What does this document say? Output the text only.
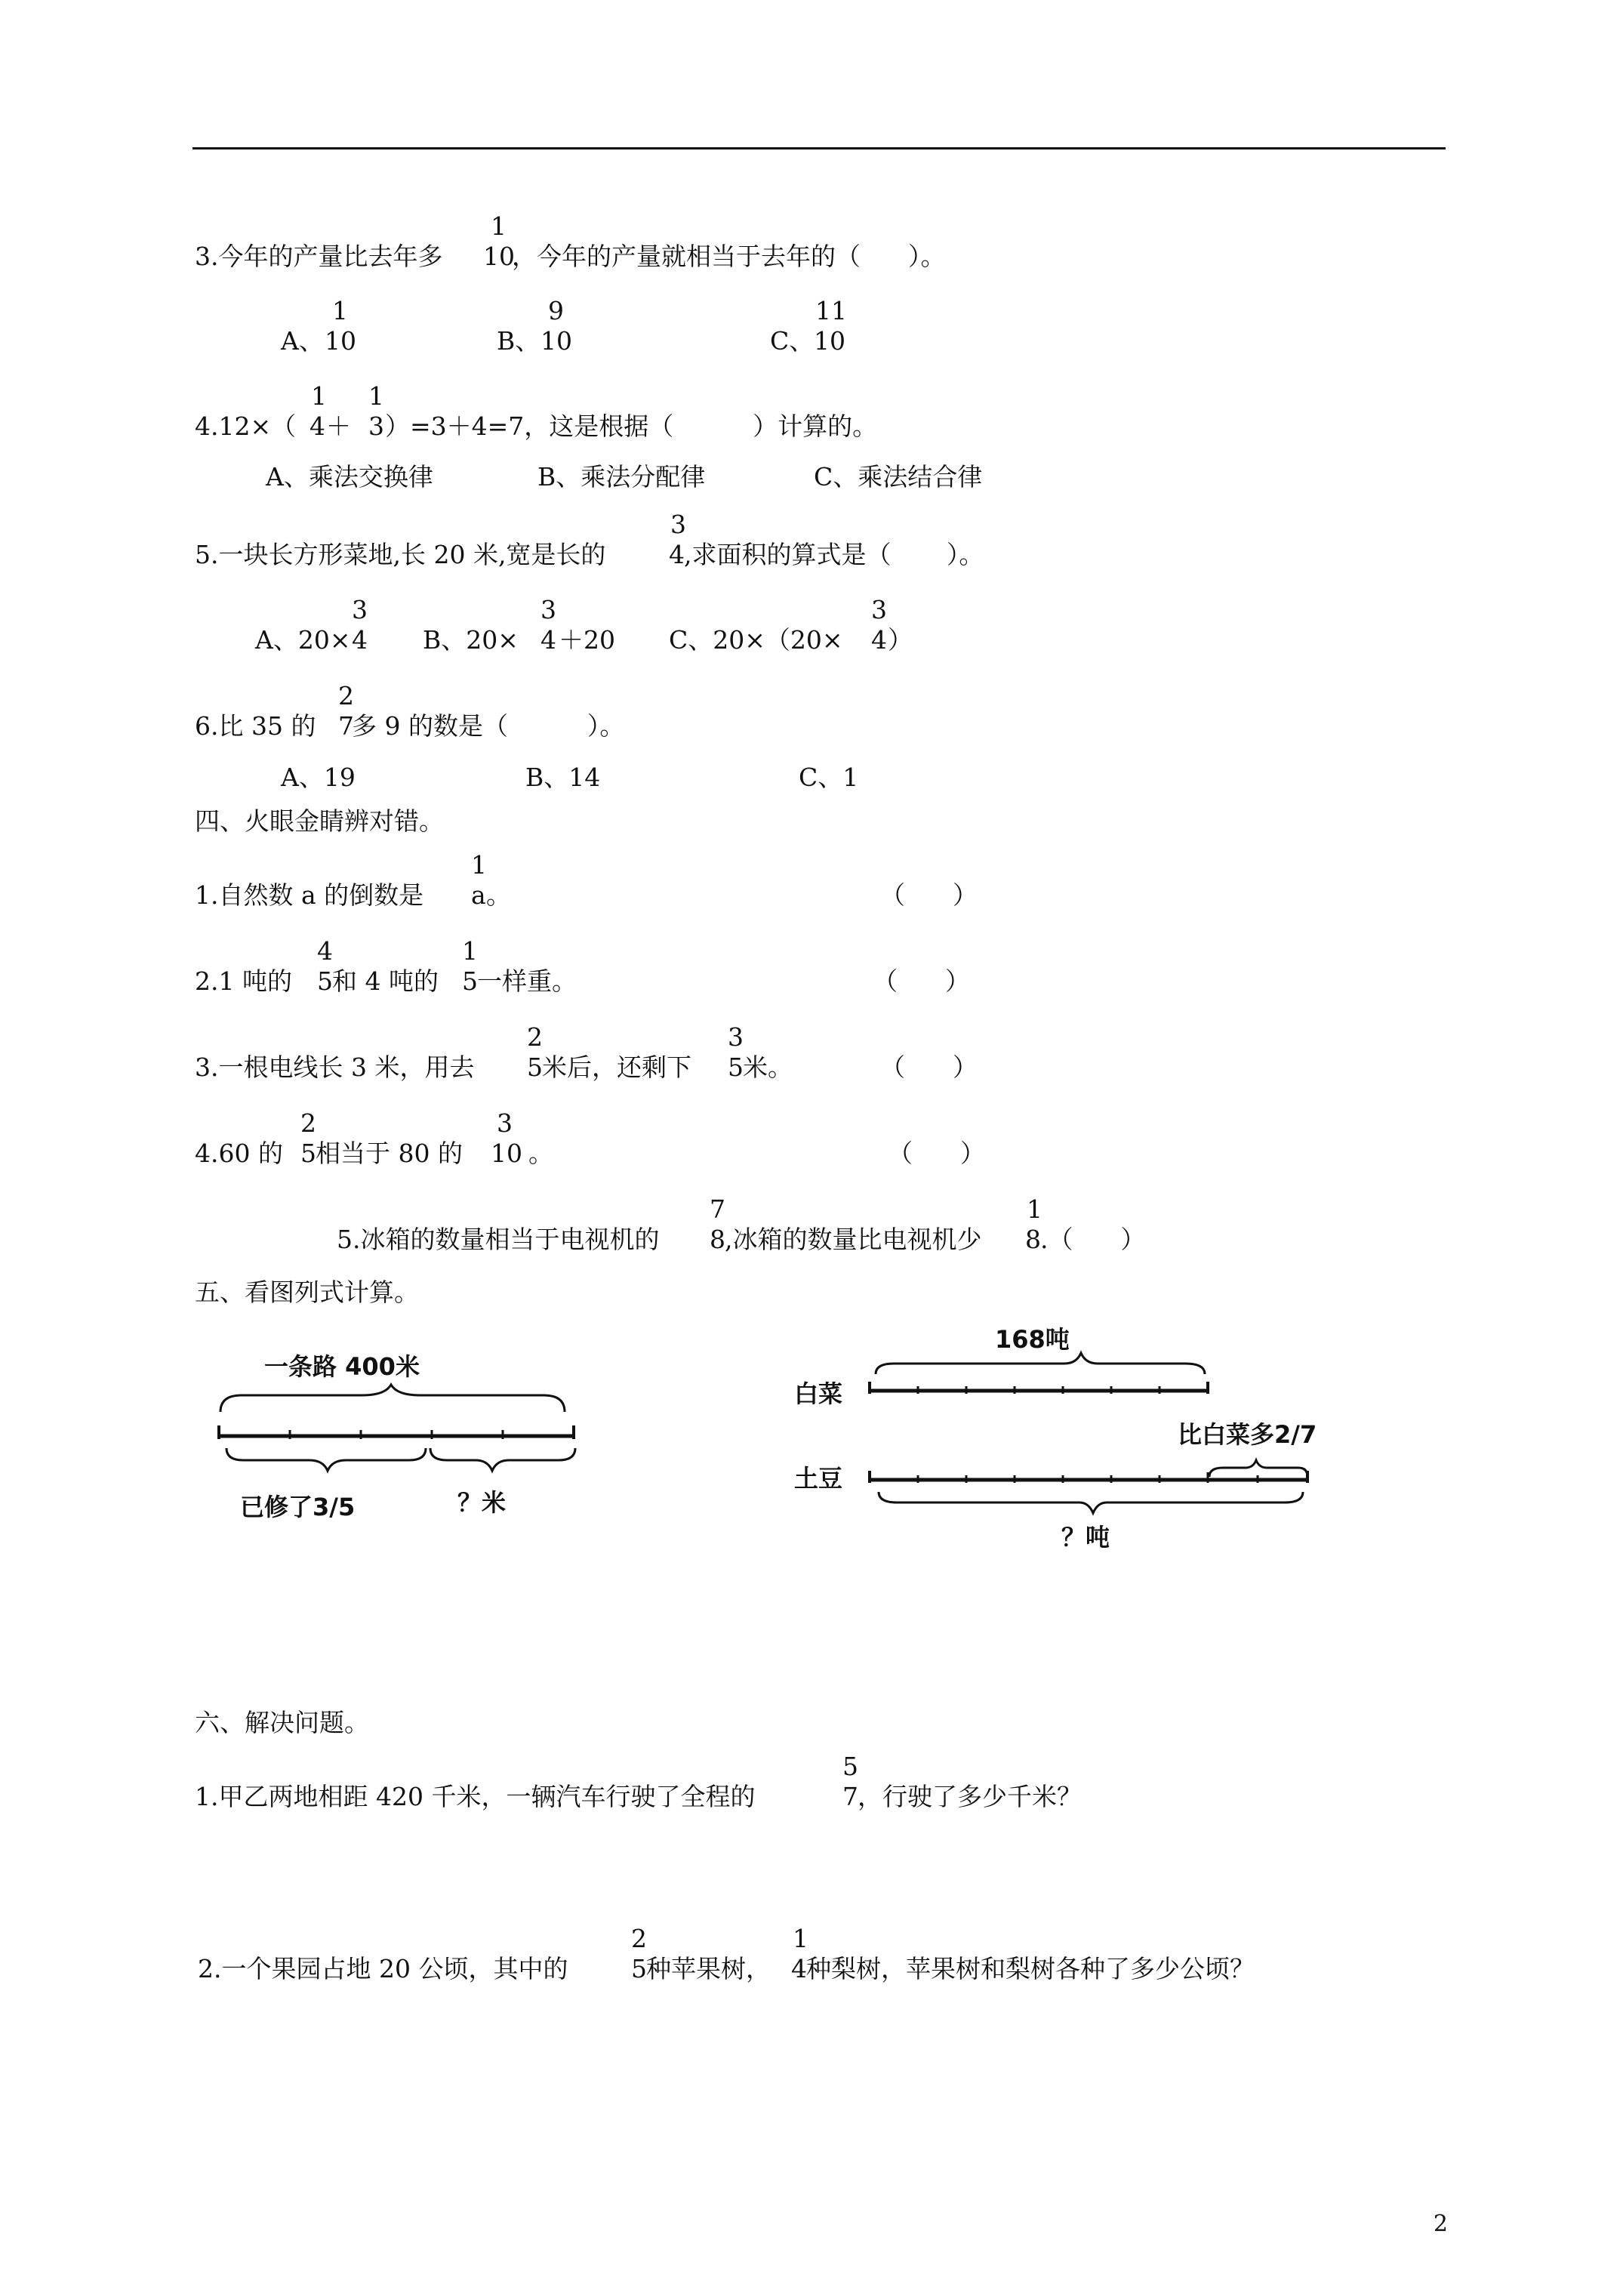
3.今年的产量比去年多
1
10
，今年的产量就相当于去年的（      ）。
A、
1
10	B、
9
10	C、
11
10
4.12×（
1
4 ＋
1
3 ）=3＋4=7，这是根据（          ）计算的。
A、乘法交换律	B、乘法分配律	C、乘法结合律
5.一块长方形菜地,长 20 米,宽是长的
3
4 ,求面积的算式是（       ）。
A、20×
3
4 B、20×
3
4 ＋20 C、20×（20×
3
4 ）
6.比 35 的
2
7
多 9 的数是（          ）。
A、19	B、14	C、1
四、火眼金睛辨对错。
1.自然数 a 的倒数是
1
a 。	（      ）
2.1 吨的
4
5 和 4 吨的
1
5 一样重。	（      ）
3.一根电线长 3 米，用去
2
5 米后，还剩下
3
5 米。	（      ）
4.60 的
2
5 相当于 80 的
3
10 。	（      ）
5.冰箱的数量相当于电视机的
7
8 ,冰箱的数量比电视机少
1
8 .（      ）
五、看图列式计算。
一条路 400米
已修了3/5	？米
168吨
白菜
土豆
比白菜多2/7
？吨
六、解决问题。
1.甲乙两地相距 420 千米，一辆汽车行驶了全程的
5
7 ，行驶了多少千米？
2.一个果园占地 20 公顷，其中的
2
5 种苹果树，
1
4 种梨树，苹果树和梨树各种了多少公顷？
2
